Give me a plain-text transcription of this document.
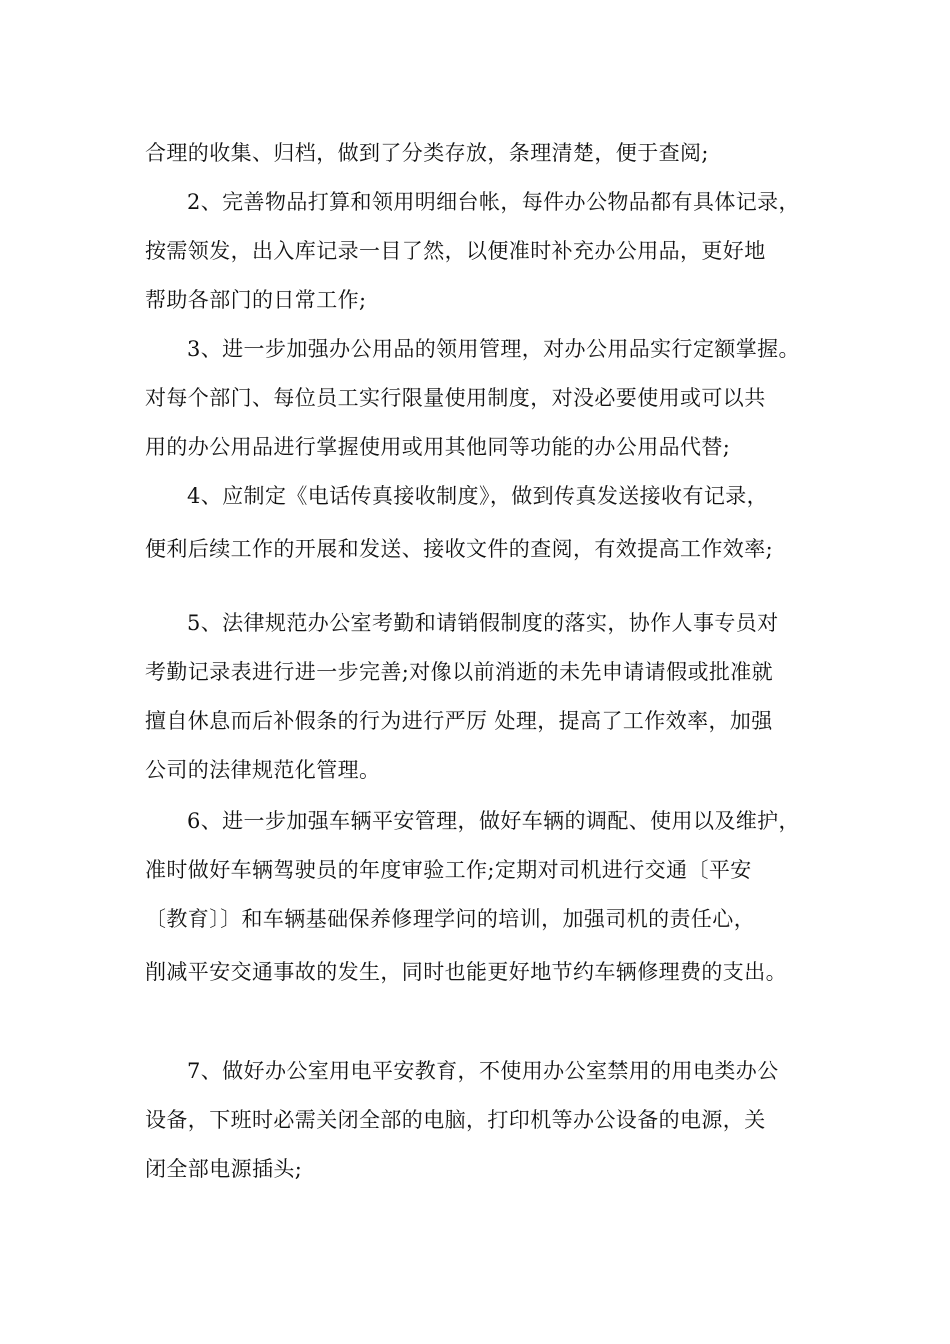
合理的收集、归档，做到了分类存放，条理清楚，便于查阅;
2、完善物品打算和领用明细台帐，每件办公物品都有具体记录，
按需领发，出入库记录一目了然，以便准时补充办公用品，更好地
帮助各部门的日常工作;
3、进一步加强办公用品的领用管理，对办公用品实行定额掌握。
对每个部门、每位员工实行限量使用制度，对没必要使用或可以共
用的办公用品进行掌握使用或用其他同等功能的办公用品代替;
4、应制定《电话传真接收制度》，做到传真发送接收有记录，
便利后续工作的开展和发送、接收文件的查阅，有效提高工作效率;
5、法律规范办公室考勤和请销假制度的落实，协作人事专员对
考勤记录表进行进一步完善;对像以前消逝的未先申请请假或批准就
擅自休息而后补假条的行为进行严厉 处理，提高了工作效率，加强
公司的法律规范化管理。
6、进一步加强车辆平安管理，做好车辆的调配、使用以及维护，
准时做好车辆驾驶员的年度审验工作;定期对司机进行交通〔平安
〔教育〕〕和车辆基础保养修理学问的培训，加强司机的责任心，
削减平安交通事故的发生，同时也能更好地节约车辆修理费的支出。
7、做好办公室用电平安教育，不使用办公室禁用的用电类办公
设备，下班时必需关闭全部的电脑，打印机等办公设备的电源，关
闭全部电源插头;
